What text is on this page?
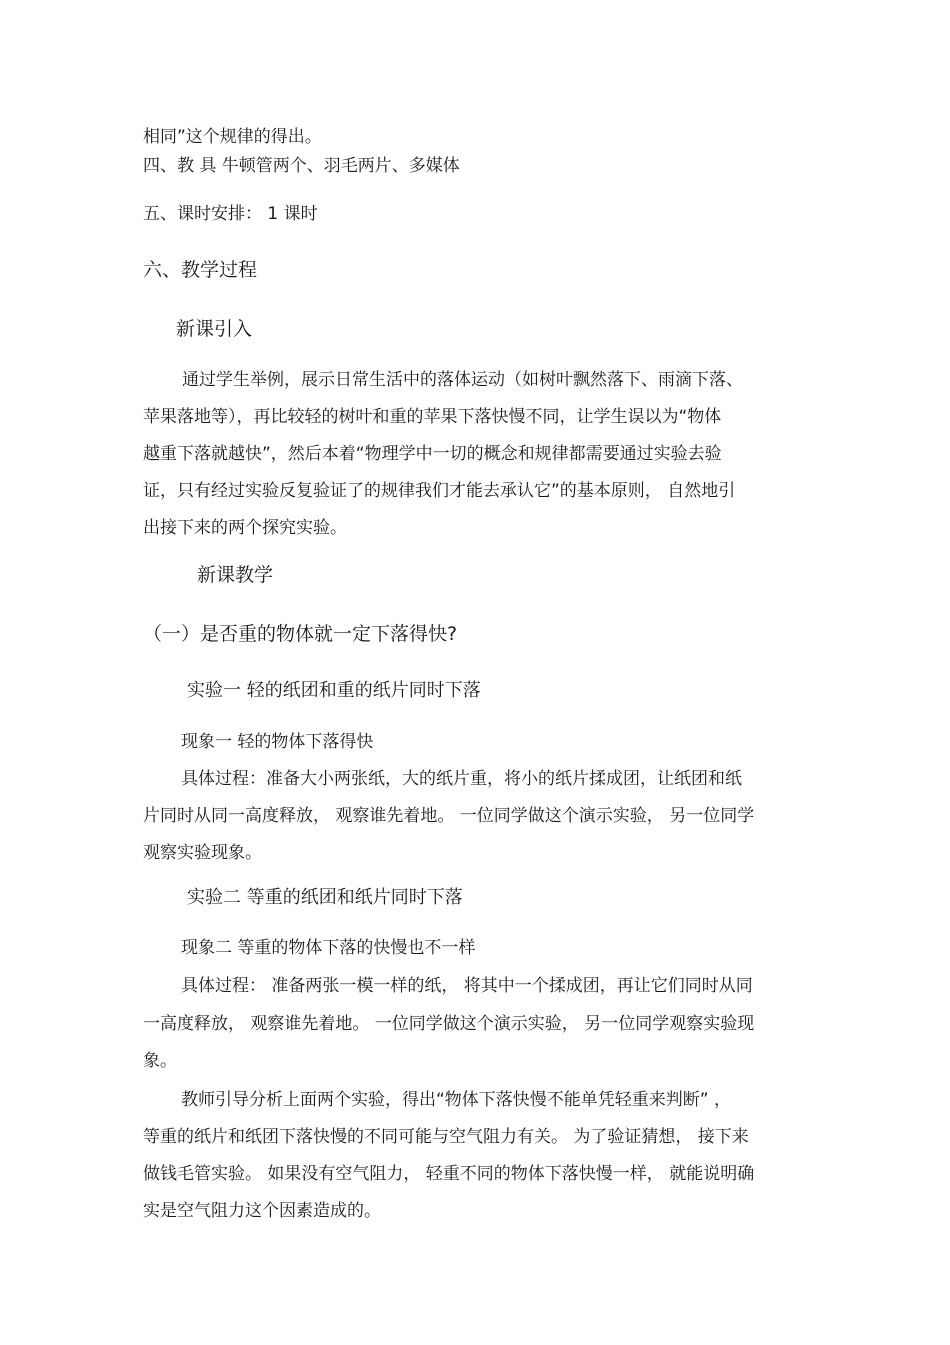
相同”这个规律的得出。
四、教 具 牛顿管两个、羽毛两片、多媒体
五、课时安排： 1 课时
六、教学过程
新课引入
通过学生举例，展示日常生活中的落体运动（如树叶飘然落下、雨滴下落、
苹果落地等），再比较轻的树叶和重的苹果下落快慢不同，让学生误以为“物体
越重下落就越快”，然后本着“物理学中一切的概念和规律都需要通过实验去验
证，只有经过实验反复验证了的规律我们才能去承认它”的基本原则， 自然地引
出接下来的两个探究实验。
新课教学
（一）是否重的物体就一定下落得快?
实验一 轻的纸团和重的纸片同时下落
现象一 轻的物体下落得快
具体过程：准备大小两张纸，大的纸片重，将小的纸片揉成团，让纸团和纸
片同时从同一高度释放， 观察谁先着地。 一位同学做这个演示实验， 另一位同学
观察实验现象。
实验二 等重的纸团和纸片同时下落
现象二 等重的物体下落的快慢也不一样
具体过程： 准备两张一模一样的纸， 将其中一个揉成团，再让它们同时从同
一高度释放， 观察谁先着地。 一位同学做这个演示实验， 另一位同学观察实验现
象。
教师引导分析上面两个实验，得出“物体下落快慢不能单凭轻重来判断” ，
等重的纸片和纸团下落快慢的不同可能与空气阻力有关。 为了验证猜想， 接下来
做钱毛管实验。 如果没有空气阻力， 轻重不同的物体下落快慢一样， 就能说明确
实是空气阻力这个因素造成的。
